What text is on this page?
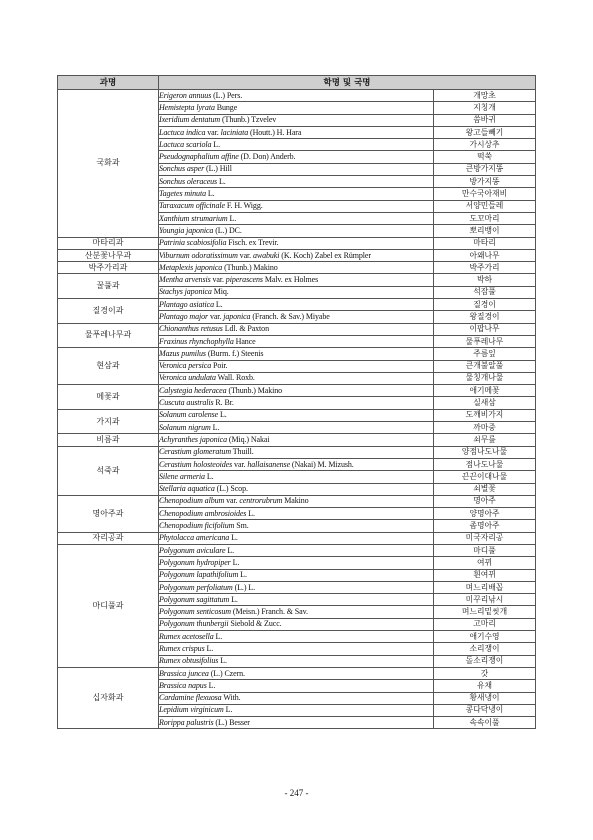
과명	학명 및 국명	
국화과	Erigeron annuus (L.) Pers.	개망초
	Hemistepta lyrata Bunge	지칭개
	Ixeridium dentatum (Thunb.) Tzvelev	씀바귀
	Lactuca indica var. laciniata (Houtt.) H. Hara	왕고들빼기
	Lactuca scariola L.	가시상추
	Pseudognaphalium affine (D. Don) Anderb.	떡쑥
	Sonchus asper (L.) Hill	큰방가지똥
	Sonchus oleraceus L.	방가지똥
	Tagetes minuta L.	만수국아재비
	Taraxacum officinale F. H. Wigg.	서양민들레
	Xanthium strumarium L.	도꼬마리
	Youngia japonica (L.) DC.	뽀리뱅이
마타리과	Patrinia scabiosifolia Fisch. ex Trevir.	마타리
산분꽃나무과	Viburnum odoratissimum var. awabuki (K. Koch) Zabel ex Rümpler	아왜나무
박주가리과	Metaplexis japonica (Thunb.) Makino	박주가리
꿀풀과	Mentha arvensis var. piperascens Malv. ex Holmes	박하
	Stachys japonica Miq.	석잠풀
질경이과	Plantago asiatica L.	질경이
	Plantago major var. japonica (Franch. & Sav.) Miyabe	왕질경이
물푸레나무과	Chionanthus retusus Ldl. & Paxton	이팝나무
	Fraxinus rhynchophylla Hance	물푸레나무
현삼과	Mazus pumilus (Burm. f.) Steenis	주름잎
	Veronica persica Poir.	큰개불알풀
	Veronica undulata Wall. Roxb.	물칭개나물
메꽃과	Calystegia hederacea (Thunb.) Makino	애기메꽃
	Cuscuta australis R. Br.	실새삼
가지과	Solanum carolense L.	도깨비가지
	Solanum nigrum L.	까마중
비름과	Achyranthes japonica (Miq.) Nakai	쇠무릎
석죽과	Cerastium glomeratum Thuill.	양점나도나물
	Cerastium holosteoides var. hallaisanense (Nakai) M. Mizush.	점나도나물
	Silene armeria L.	끈끈이대나물
	Stellaria aquatica (L.) Scop.	쇠별꽃
명아주과	Chenopodium album var. centrorubrum Makino	명아주
	Chenopodium ambrosioides L.	양명아주
	Chenopodium ficifolium Sm.	좀명아주
자리공과	Phytolacca americana L.	미국자리공
마디풀과	Polygonum aviculare L.	마디풀
	Polygonum hydropiper L.	여뀌
	Polygonum lapathifolium L.	흰여뀌
	Polygonum perfoliatum (L.) L.	며느리배꼽
	Polygonum sagittatum L.	미꾸리낚시
	Polygonum senticosum (Meisn.) Franch. & Sav.	며느리밑씻개
	Polygonum thunbergii Siebold & Zucc.	고마리
	Rumex acetosella L.	애기수영
	Rumex crispus L.	소리쟁이
	Rumex obtusifolius L.	돌소리쟁이
십자화과	Brassica juncea (L.) Czern.	갓
	Brassica napus L.	유채
	Cardamine flexuosa With.	황새냉이
	Lepidium virginicum L.	콩다닥냉이
	Rorippa palustris (L.) Besser	속속이풀
- 247 -
